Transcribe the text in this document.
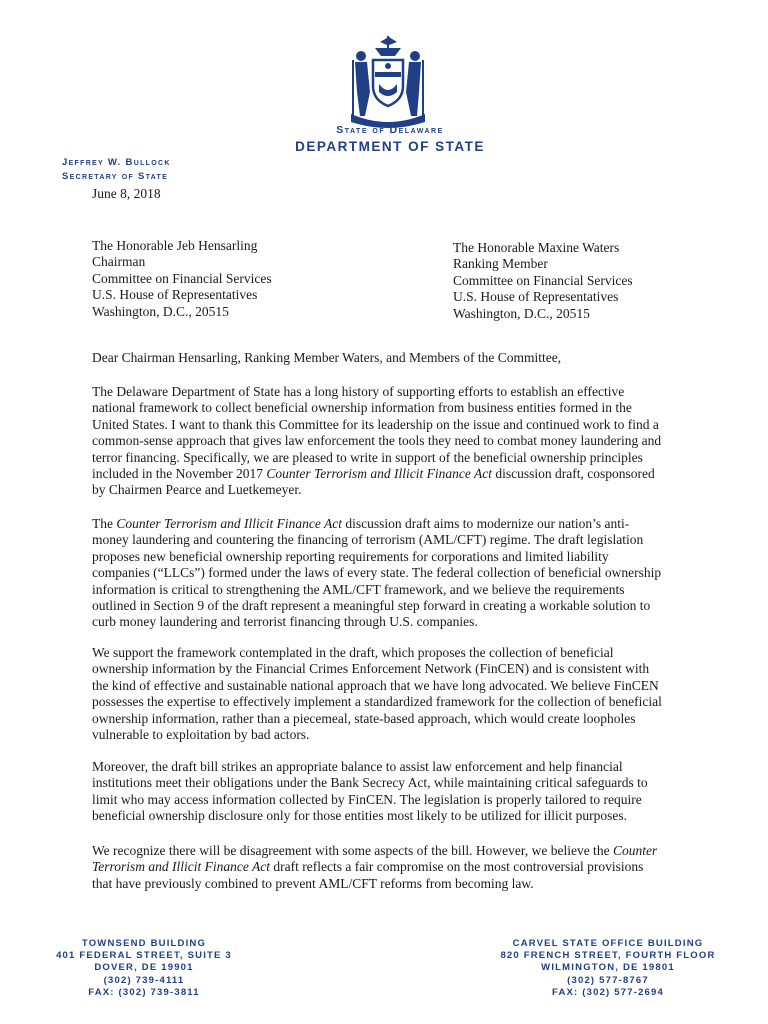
State of Delaware
DEPARTMENT OF STATE
Jeffrey W. Bullock
Secretary of State
June 8, 2018
The Honorable Jeb Hensarling
Chairman
Committee on Financial Services
U.S. House of Representatives
Washington, D.C., 20515
The Honorable Maxine Waters
Ranking Member
Committee on Financial Services
U.S. House of Representatives
Washington, D.C., 20515
Dear Chairman Hensarling, Ranking Member Waters, and Members of the Committee,

The Delaware Department of State has a long history of supporting efforts to establish an effective

national framework to collect beneficial ownership information from business entities formed in the

United States. I want to thank this Committee for its leadership on the issue and continued work to find a

common-sense approach that gives law enforcement the tools they need to combat money laundering and

terror financing. Specifically, we are pleased to write in support of the beneficial ownership principles

included in the November 2017 Counter Terrorism and Illicit Finance Act discussion draft, cosponsored

by Chairmen Pearce and Luetkemeyer.

The Counter Terrorism and Illicit Finance Act discussion draft aims to modernize our nation’s anti-

money laundering and countering the financing of terrorism (AML/CFT) regime. The draft legislation

proposes new beneficial ownership reporting requirements for corporations and limited liability

companies (“LLCs”) formed under the laws of every state. The federal collection of beneficial ownership

information is critical to strengthening the AML/CFT framework, and we believe the requirements

outlined in Section 9 of the draft represent a meaningful step forward in creating a workable solution to

curb money laundering and terrorist financing through U.S. companies.

We support the framework contemplated in the draft, which proposes the collection of beneficial

ownership information by the Financial Crimes Enforcement Network (FinCEN) and is consistent with

the kind of effective and sustainable national approach that we have long advocated. We believe FinCEN

possesses the expertise to effectively implement a standardized framework for the collection of beneficial

ownership information, rather than a piecemeal, state-based approach, which would create loopholes

vulnerable to exploitation by bad actors.

Moreover, the draft bill strikes an appropriate balance to assist law enforcement and help financial

institutions meet their obligations under the Bank Secrecy Act, while maintaining critical safeguards to

limit who may access information collected by FinCEN. The legislation is properly tailored to require

beneficial ownership disclosure only for those entities most likely to be utilized for illicit purposes.

We recognize there will be disagreement with some aspects of the bill. However, we believe the Counter

Terrorism and Illicit Finance Act draft reflects a fair compromise on the most controversial provisions

that have previously combined to prevent AML/CFT reforms from becoming law.

TOWNSEND BUILDING
401 FEDERAL STREET, SUITE 3
DOVER, DE 19901
(302) 739-4111
FAX: (302) 739-3811
CARVEL STATE OFFICE BUILDING
820 FRENCH STREET, FOURTH FLOOR
WILMINGTON, DE 19801
(302) 577-8767
FAX: (302) 577-2694
